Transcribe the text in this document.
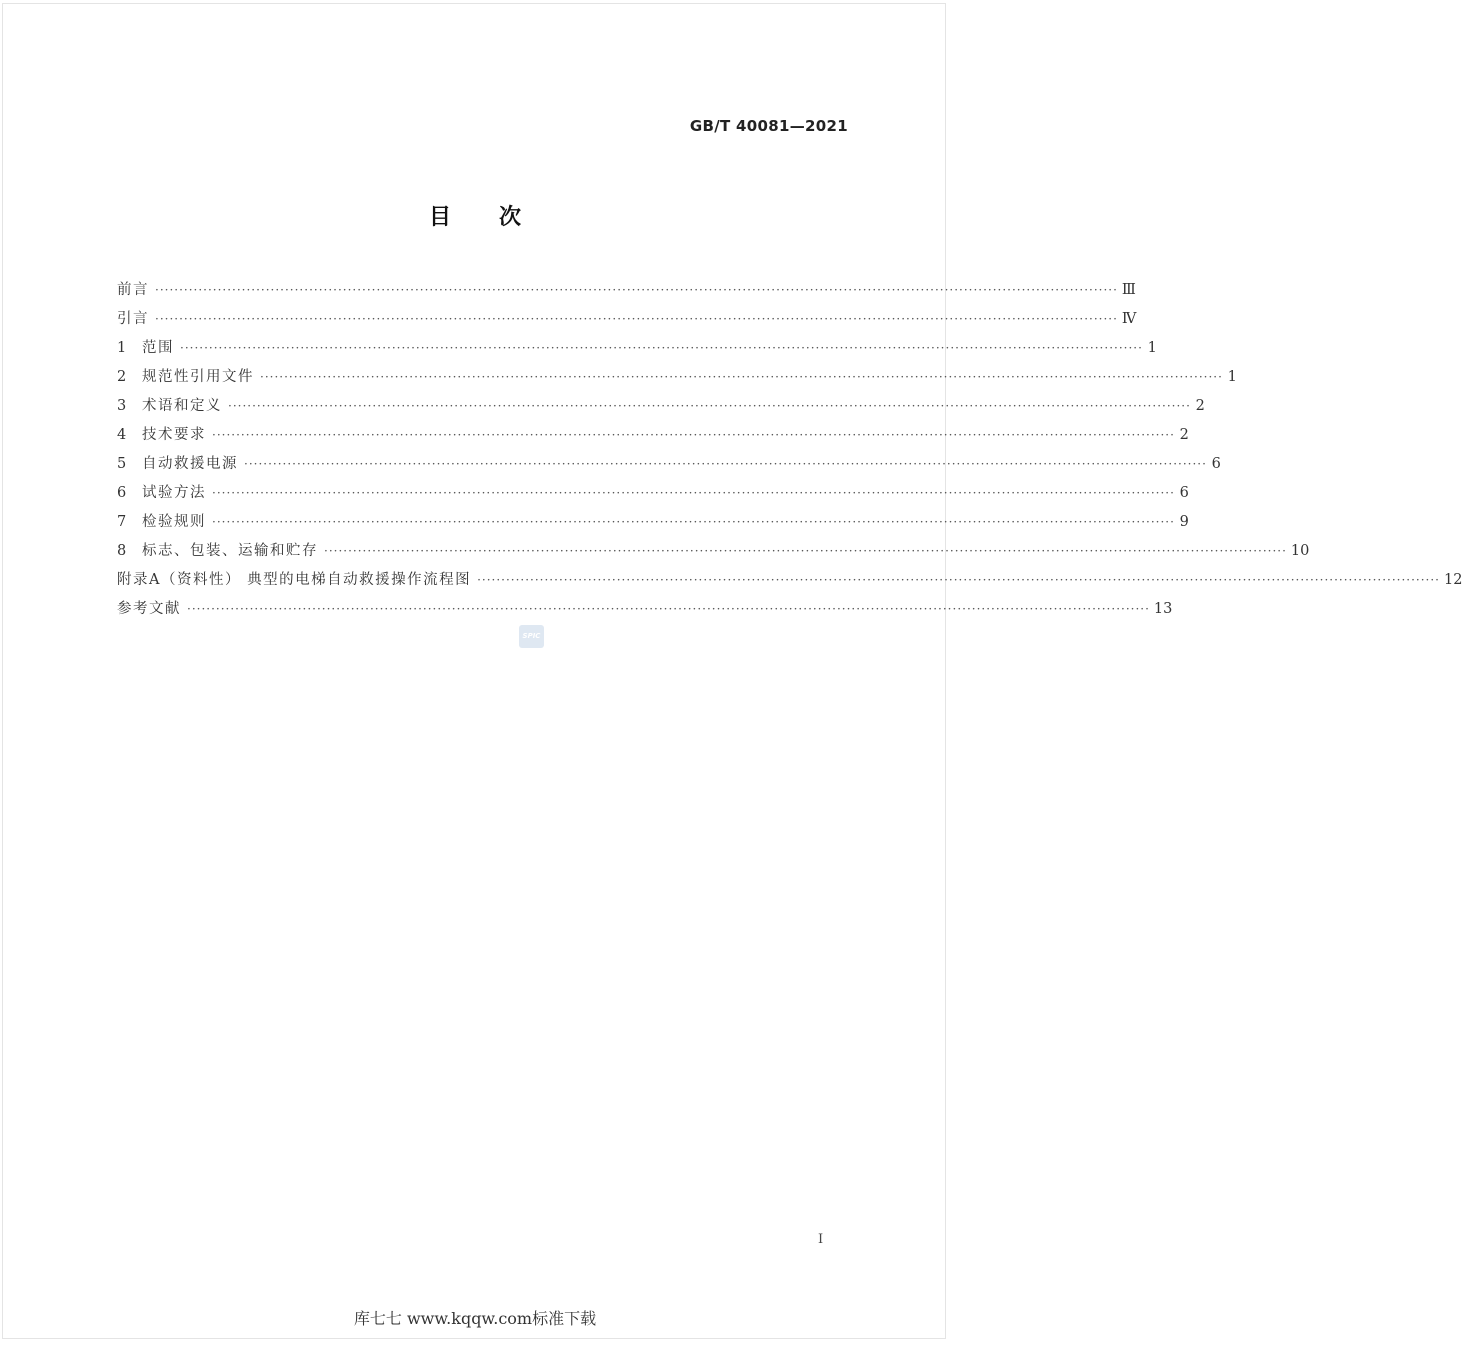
GB/T 40081—2021
目次
前言 ········································································································································································································ Ⅲ
引言 ········································································································································································································ Ⅳ
1	范围 ········································································································································································································ 1
2	规范性引用文件 ········································································································································································································ 1
3	术语和定义 ········································································································································································································ 2
4	技术要求 ········································································································································································································ 2
5	自动救援电源 ········································································································································································································ 6
6	试验方法 ········································································································································································································ 6
7	检验规则 ········································································································································································································ 9
8	标志、包装、运输和贮存 ········································································································································································································ 10
附录A（资料性） 典型的电梯自动救援操作流程图 ········································································································································································································ 12
参考文献 ········································································································································································································ 13
SPIC
I
库七七 www.kqqw.com标准下载
